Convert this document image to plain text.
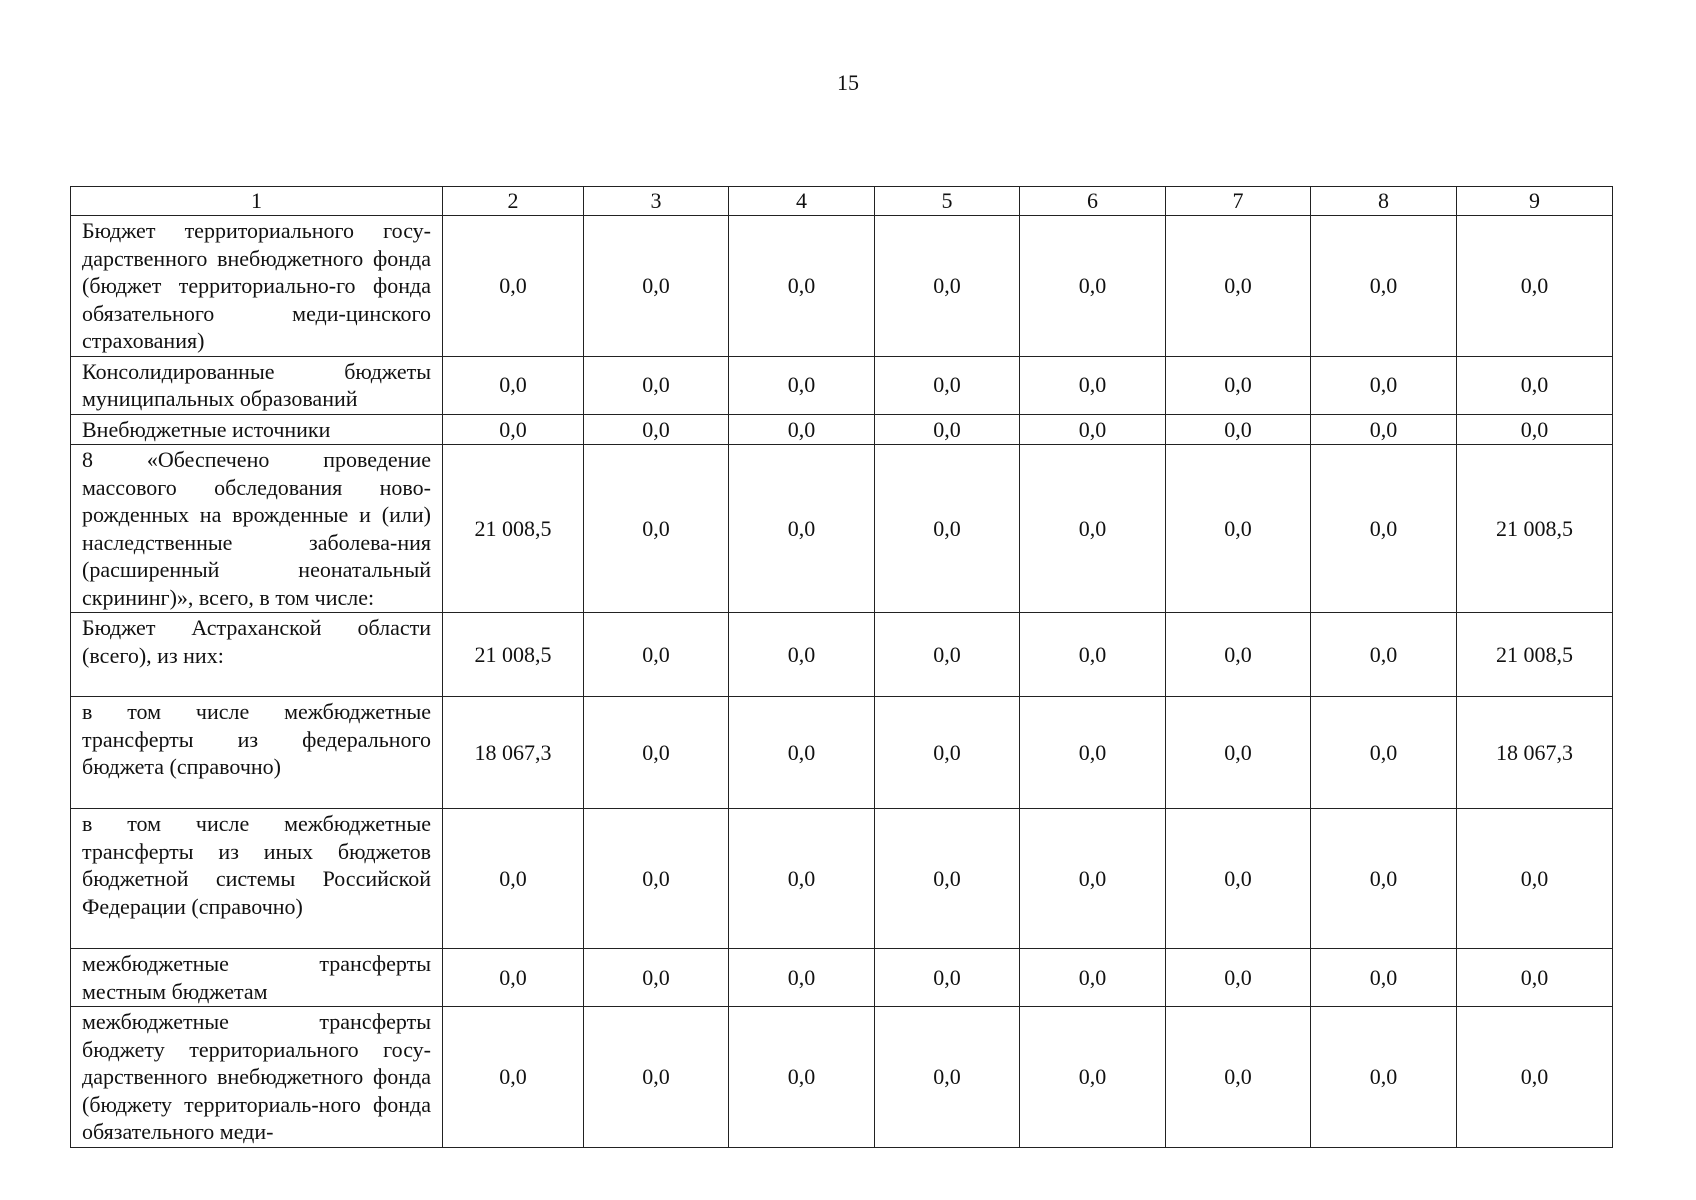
15
1	2	3	4	5	6	7	8	9
Бюджет территориального госу-дарственного внебюджетного фонда (бюджет территориально-го фонда обязательного меди-цинского страхования)	0,0	0,0	0,0	0,0	0,0	0,0	0,0	0,0
Консолидированные бюджеты муниципальных образований	0,0	0,0	0,0	0,0	0,0	0,0	0,0	0,0
Внебюджетные источники	0,0	0,0	0,0	0,0	0,0	0,0	0,0	0,0
8 «Обеспечено проведение массового обследования ново-рожденных на врожденные и (или) наследственные заболева-ния (расширенный неонатальный скрининг)», всего, в том числе:	21 008,5	0,0	0,0	0,0	0,0	0,0	0,0	21 008,5
Бюджет Астраханской области (всего), из них:	21 008,5	0,0	0,0	0,0	0,0	0,0	0,0	21 008,5
в том числе межбюджетные трансферты из федерального бюджета (справочно)	18 067,3	0,0	0,0	0,0	0,0	0,0	0,0	18 067,3
в том числе межбюджетные трансферты из иных бюджетов бюджетной системы Российской Федерации (справочно)	0,0	0,0	0,0	0,0	0,0	0,0	0,0	0,0
межбюджетные трансферты местным бюджетам	0,0	0,0	0,0	0,0	0,0	0,0	0,0	0,0
межбюджетные трансферты бюджету территориального госу-дарственного внебюджетного фонда (бюджету территориаль-ного фонда обязательного меди-	0,0	0,0	0,0	0,0	0,0	0,0	0,0	0,0
